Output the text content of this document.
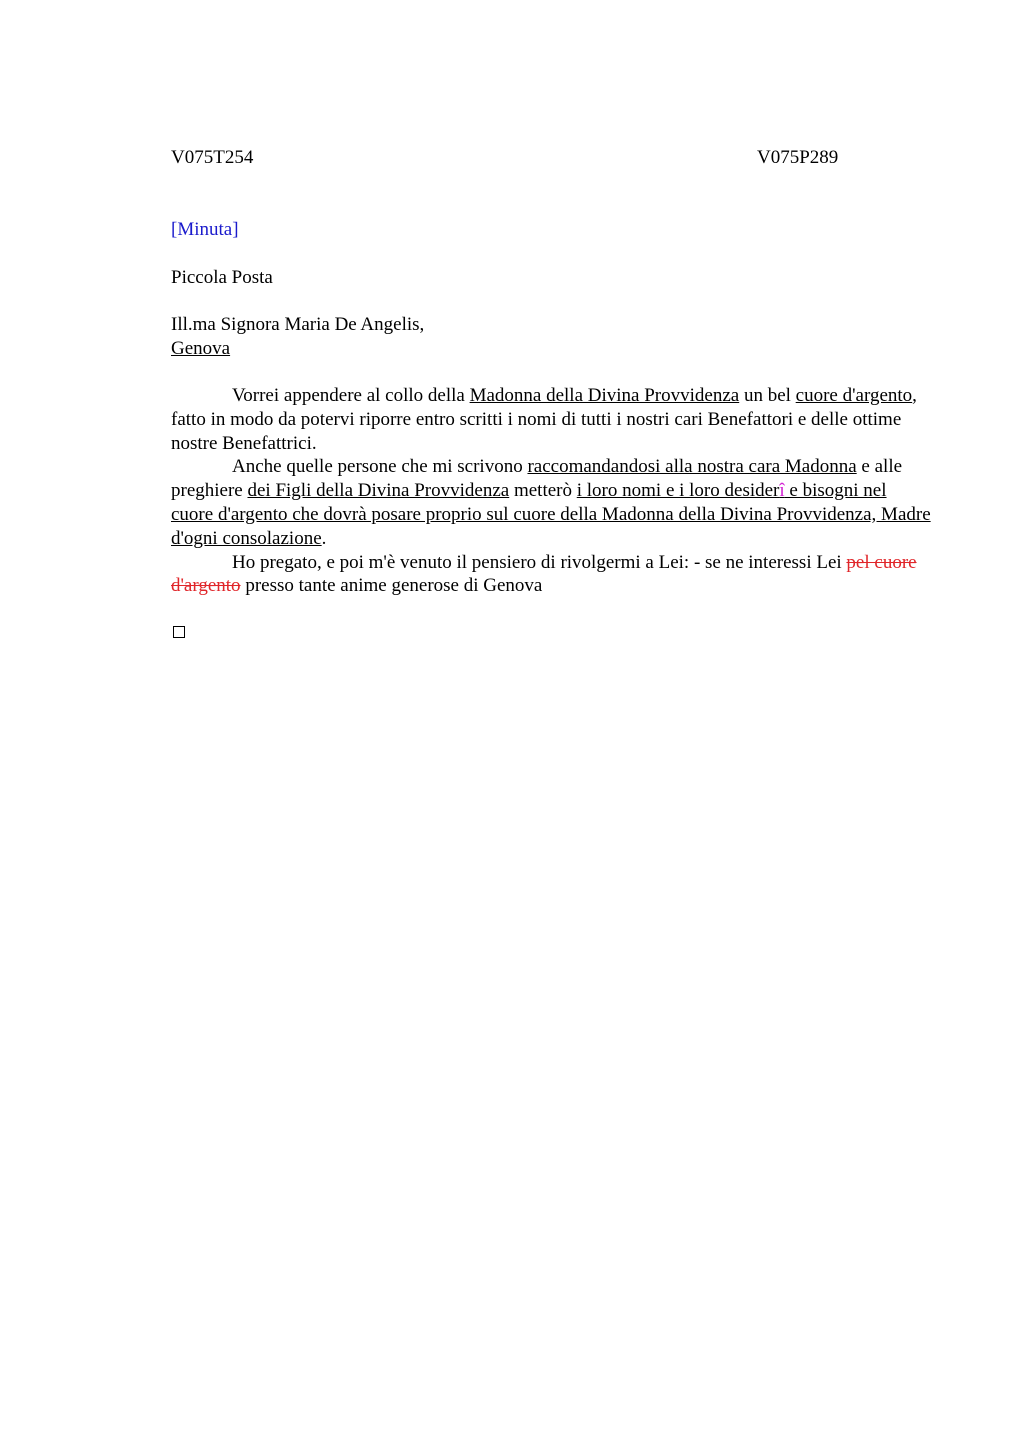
V075T254	V075P289
[Minuta]
Piccola Posta
Ill.ma Signora Maria De Angelis,
Genova

Vorrei appendere al collo della Madonna della Divina Provvidenza un bel cuore d'argento, fatto in modo da potervi riporre entro scritti i nomi di tutti i nostri cari Benefattori e delle ottime nostre Benefattrici.

Anche quelle persone che mi scrivono raccomandandosi alla nostra cara Madonna e alle preghiere dei Figli della Divina Provvidenza metterò i loro nomi e i loro desiderî e bisogni nel cuore d'argento che dovrà posare proprio sul cuore della Madonna della Divina Provvidenza, Madre d'ogni consolazione.

Ho pregato, e poi m'è venuto il pensiero di rivolgermi a Lei: - se ne interessi Lei pel cuore d'argento presso tante anime generose di Genova
